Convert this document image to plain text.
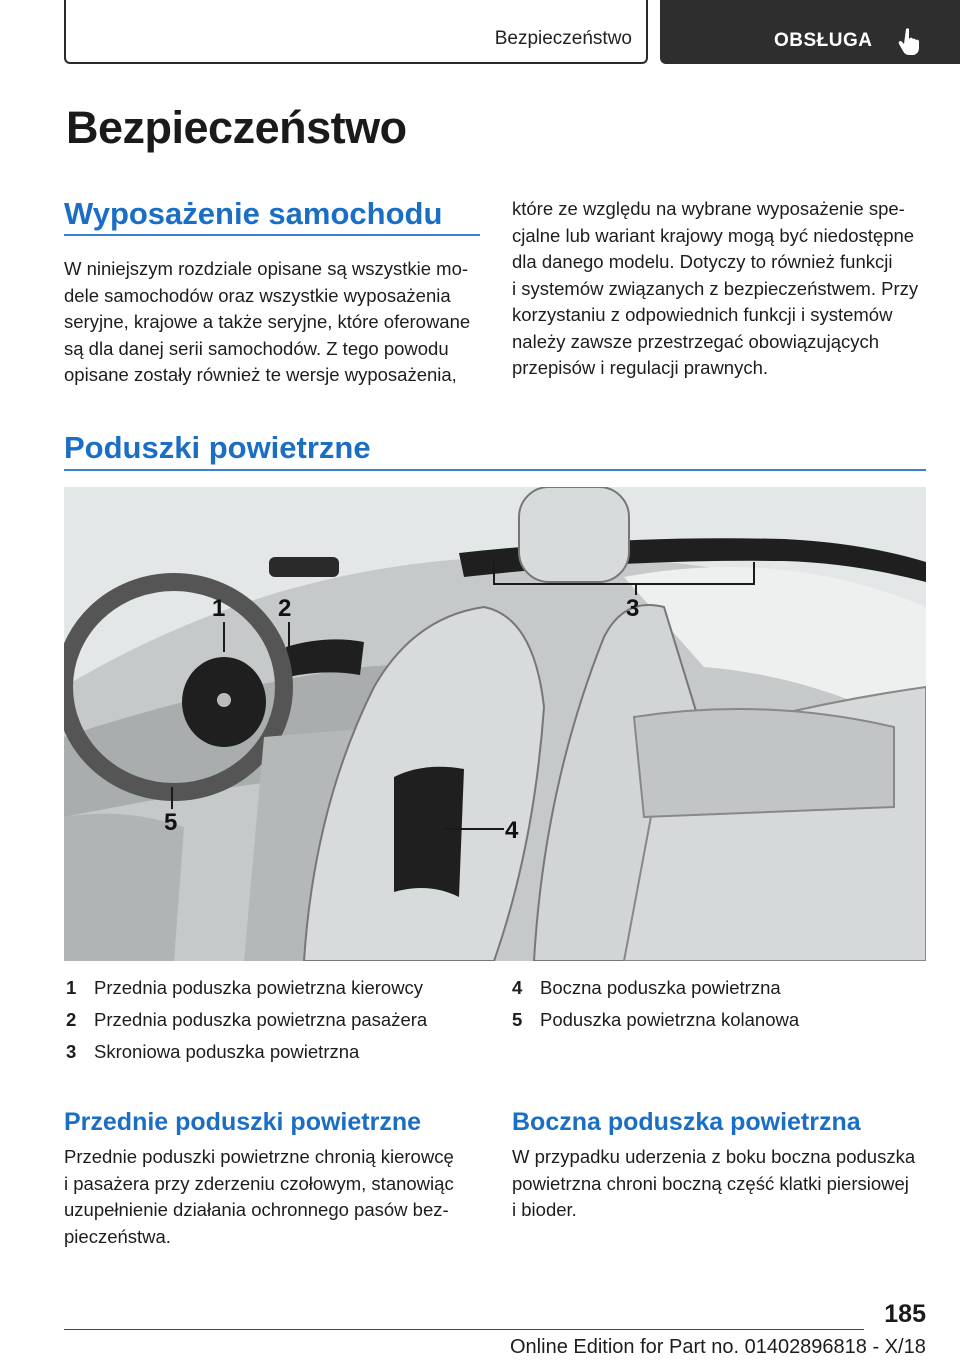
Bezpieczeństwo	OBSŁUGA
Bezpieczeństwo
Wyposażenie samochodu
W niniejszym rozdziale opisane są wszystkie mo‐
dele samochodów oraz wszystkie wyposażenia
seryjne, krajowe a także seryjne, które oferowane
są dla danej serii samochodów. Z tego powodu
opisane zostały również te wersje wyposażenia,
które ze względu na wybrane wyposażenie spe‐
cjalne lub wariant krajowy mogą być niedostępne
dla danego modelu. Dotyczy to również funkcji
i systemów związanych z bezpieczeństwem. Przy
korzystaniu z odpowiednich funkcji i systemów
należy zawsze przestrzegać obowiązujących
przepisów i regulacji prawnych.
Poduszki powietrzne
1 2	3
4
5
1 Przednia poduszka powietrzna kierowcy
2 Przednia poduszka powietrzna pasażera
3 Skroniowa poduszka powietrzna
4 Boczna poduszka powietrzna
5 Poduszka powietrzna kolanowa
Przednie poduszki powietrzne
Przednie poduszki powietrzne chronią kierowcę
i pasażera przy zderzeniu czołowym, stanowiąc
uzupełnienie działania ochronnego pasów bez‐
pieczeństwa.
Boczna poduszka powietrzna
W przypadku uderzenia z boku boczna poduszka
powietrzna chroni boczną część klatki piersiowej
i bioder.
185
Online Edition for Part no. 01402896818 - X/18
